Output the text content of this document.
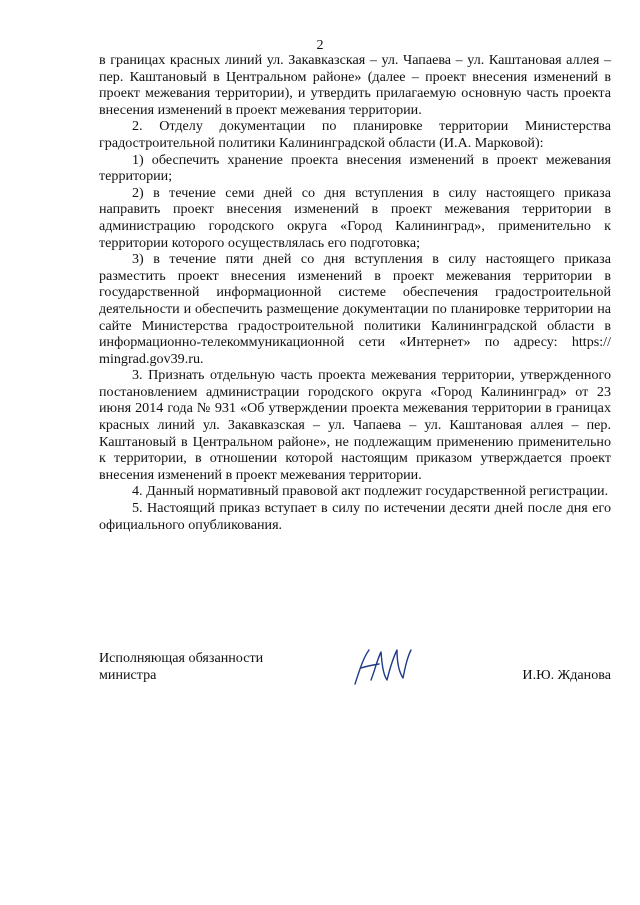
2

в границах красных линий ул. Закавказская – ул. Чапаева – ул. Каштановая аллея – пер. Каштановый в Центральном районе» (далее – проект внесения изменений в проект межевания территории), и утвердить прилагаемую основную часть проекта внесения изменений в проект межевания территории.

2. Отделу документации по планировке территории Министерства градостроительной политики Калининградской области (И.А. Марковой):

1) обеспечить хранение проекта внесения изменений в проект межевания территории;

2) в течение семи дней со дня вступления в силу настоящего приказа направить проект внесения изменений в проект межевания территории в администрацию городского округа «Город Калининград», применительно к территории которого осуществлялась его подготовка;

3) в течение пяти дней со дня вступления в силу настоящего приказа разместить проект внесения изменений в проект межевания территории в государственной информационной системе обеспечения градостроительной деятельности и обеспечить размещение документации по планировке территории на сайте Министерства градостроительной политики Калининградской области в информационно-телекоммуникационной сети «Интернет» по адресу: https:// mingrad.gov39.ru.

3. Признать отдельную часть проекта межевания территории, утвержденного постановлением администрации городского округа «Город Калининград» от 23 июня 2014 года № 931 «Об утверждении проекта межевания территории в границах красных линий ул. Закавказская – ул. Чапаева – ул. Каштановая аллея – пер. Каштановый в Центральном районе», не подлежащим применению применительно к территории, в отношении которой настоящим приказом утверждается проект внесения изменений в проект межевания территории.

4. Данный нормативный правовой акт подлежит государственной регистрации.

5. Настоящий приказ вступает в силу по истечении десяти дней после дня его официального опубликования.

Исполняющая обязанности
министра	И.Ю. Жданова
